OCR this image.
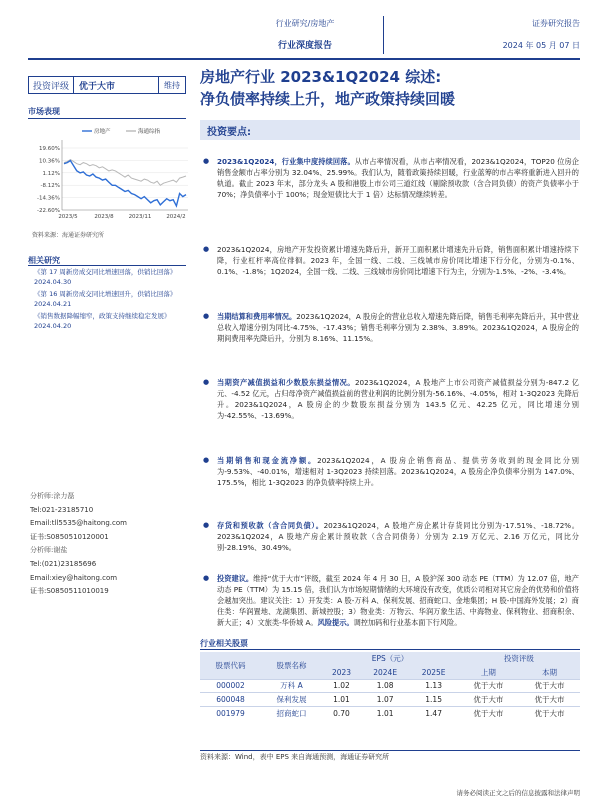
行业研究/房地产
行业深度报告
证券研究报告
2024 年 05 月 07 日
投资评级	优于大市	维持
市场表现
19.60%
10.36%
1.12%
-8.12%
-14.36%
-22.60%
2023/5	2023/8	2023/11	2024/2
房地产	海通综指
资料来源：海通证券研究所
相关研究
《第 17 周新房成交同比增速回落，供销比回落》2024.04.30
《第 16 周新房成交同比增速回升，供销比回落》2024.04.21
《销售数据降幅缩窄，政策支持继续稳定发展》2024.04.20
分析师:涂力磊
Tel:021-23185710
Email:tll5535@haitong.com
证书:S0850510120001
分析师:谢盐
Tel:(021)23185696
Email:xiey@haitong.com
证书:S0850511010019
房地产行业 2023&1Q2024 综述:
净负债率持续上升，地产政策持续回暖
投资要点:
● 2023&1Q2024，行业集中度持续回落。从市占率情况看，从市占率情况看，2023&1Q2024，TOP20 位房企销售金额市占率分别为 32.04%、25.99%。我们认为，随着政策持续回暖，行业蓝筹的市占率将重新进入回升的轨道。截止 2023 年末，部分龙头 A 股和港股上市公司三道红线（剔除预收款（含合同负债）的资产负债率小于 70%；净负债率小于 100%；现金短债比大于 1 倍）达标情况继续转差。
● 2023&1Q2024，房地产开发投资累计增速先降后升，新开工面积累计增速先升后降，销售面积累计增速持续下降，行业杠杆率高位徘徊。2023 年，全国一线、二线、三线城市房价同比增速下行分化，分别为-0.1%、0.1%、-1.8%；1Q2024，全国一线、二线、三线城市房价同比增速下行为主，分别为-1.5%、-2%、-3.4%。
● 当期结算和费用率情况。2023&1Q2024，A 股房企的营业总收入增速先降后降，销售毛利率先降后升，其中营业总收入增速分别为同比-4.75%、-17.43%；销售毛利率分别为 2.38%、3.89%。2023&1Q2024，A 股房企的期间费用率先降后升，分别为 8.16%、11.15%。
● 当期资产减值损益和少数股东损益情况。2023&1Q2024，A 股地产上市公司资产减值损益分别为-847.2 亿元、-4.52 亿元，占归母净资产减值损益前的营业利润的比例分别为-56.16%、-4.05%，相对 1-3Q2023 先降后升。2023&1Q2024，A 股房企的少数股东损益分别为 143.5 亿元、42.25 亿元，同比增速分别为-42.55%、-13.69%。
● 当期销售和现金流净额。2023&1Q2024，A 股房企销售商品、提供劳务收到的现金同比分别为-9.53%、-40.01%，增速相对 1-3Q2023 持续回落。2023&1Q2024，A 股房企净负债率分别为 147.0%、175.5%，相比 1-3Q2023 的净负债率持续上升。
● 存货和预收款（含合同负债）。2023&1Q2024，A 股地产房企累计存货同比分别为-17.51%、-18.72%。2023&1Q2024，A 股地产房企累计预收款（含合同债务）分别为 2.19 万亿元、2.16 万亿元，同比分别-28.19%、30.49%。
● 投资建议。维持“优于大市”评级，截至 2024 年 4 月 30 日，A 股沪深 300 动态 PE（TTM）为 12.07 倍，地产动态 PE（TTM）为 15.15 倍，我们认为市场短期情绪的大环境没有改变，优质公司相对其它房企的优势和价值将会越加突出。建议关注：1）开发类：A 股-万科 A、保利发展、招商蛇口、金地集团；H 股-中国海外发展；2）商住类：华润置地、龙湖集团、新城控股；3）物业类：万物云、华润万象生活、中海物业、保利物业、招商积余、新大正；4）文旅类-华侨城 A。风险提示。调控加码和行业基本面下行风险。
行业相关股票
股票代码	股票名称	EPS（元）			投资评级	
		2023	2024E	2025E	上期	本期
000002	万科 A	1.02	1.08	1.13	优于大市	优于大市
600048	保利发展	1.01	1.07	1.15	优于大市	优于大市
001979	招商蛇口	0.70	1.01	1.47	优于大市	优于大市
资料来源：Wind，表中 EPS 来自海通预测，海通证券研究所
请务必阅读正文之后的信息披露和法律声明
